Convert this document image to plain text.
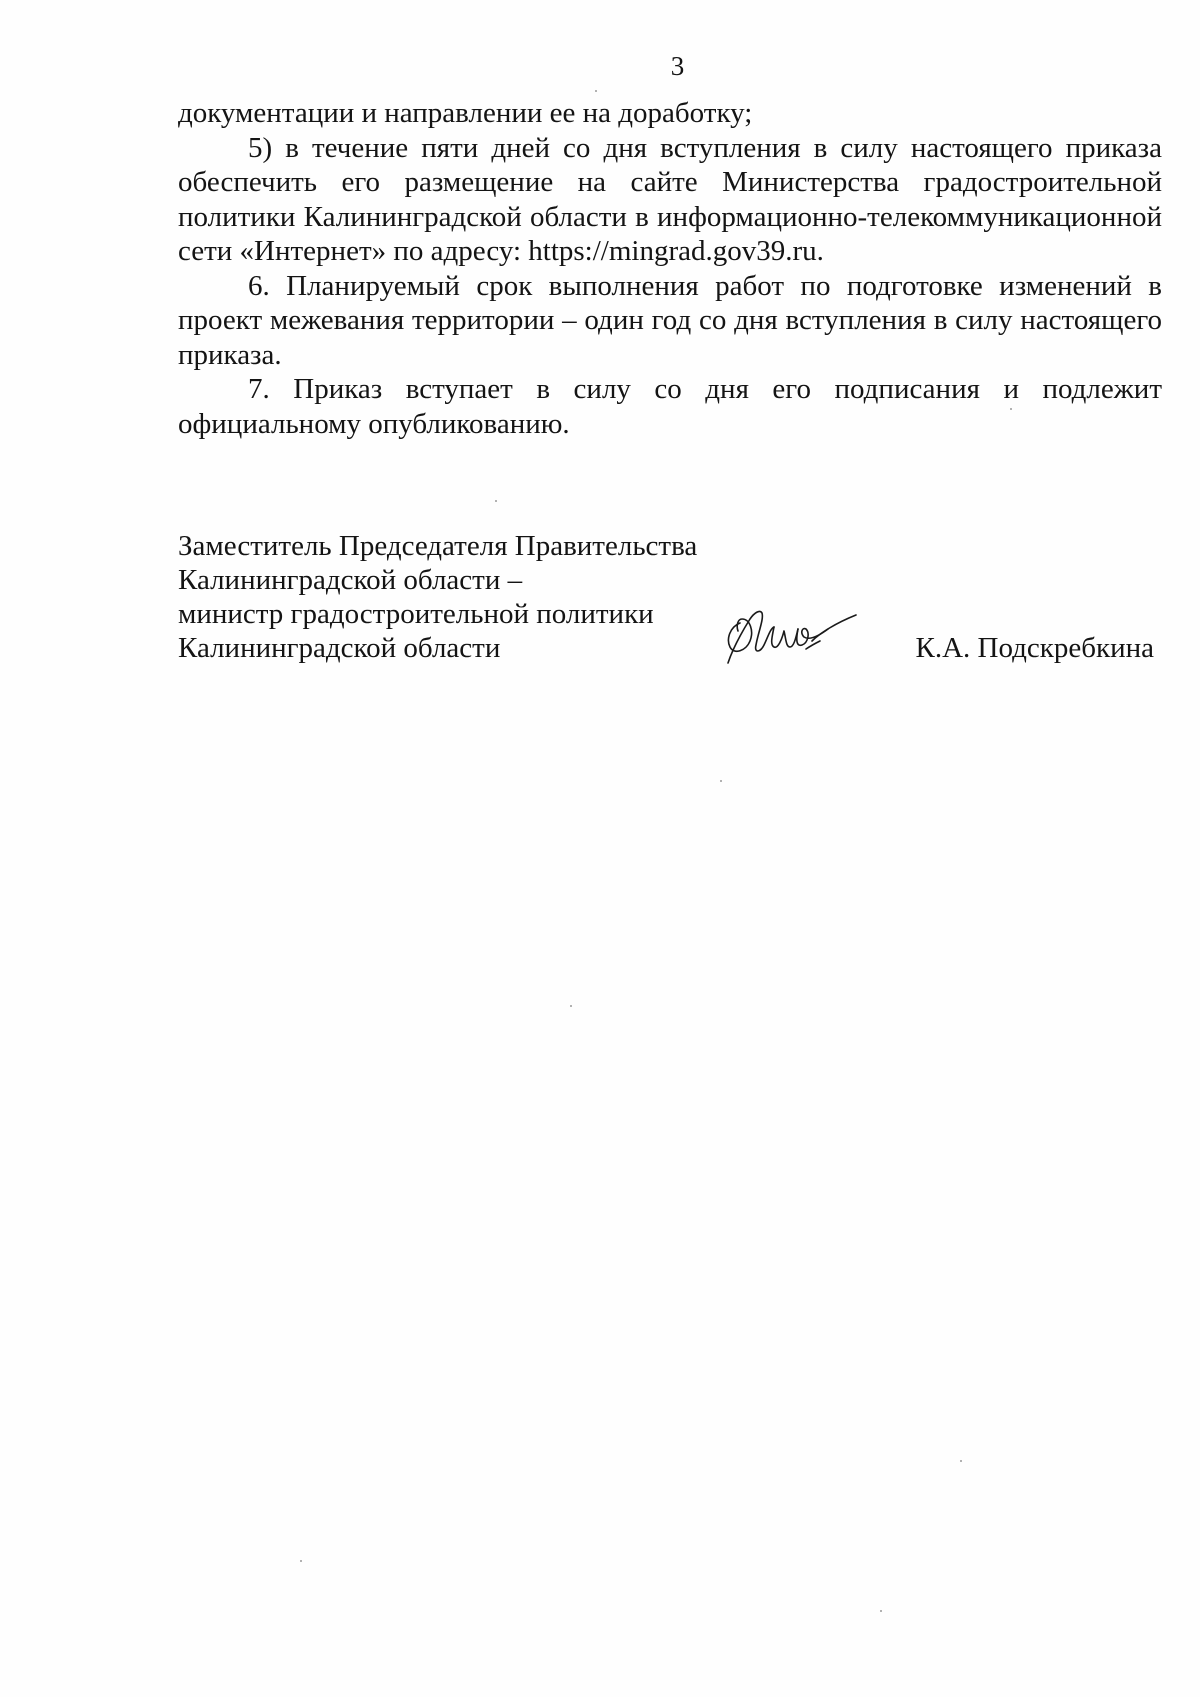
3

документации и направлении ее на доработку;

5) в течение пяти дней со дня вступления в силу настоящего приказа обеспечить его размещение на сайте Министерства градостроительной политики Калининградской области в информационно-телекоммуникационной сети «Интернет» по адресу: https://mingrad.gov39.ru.

6. Планируемый срок выполнения работ по подготовке изменений в проект межевания территории – один год со дня вступления в силу настоящего приказа.

7. Приказ вступает в силу со дня его подписания и подлежит официальному опубликованию.

Заместитель Председателя Правительства
Калининградской области –
министр градостроительной политики
Калининградской области	К.А. Подскребкина
